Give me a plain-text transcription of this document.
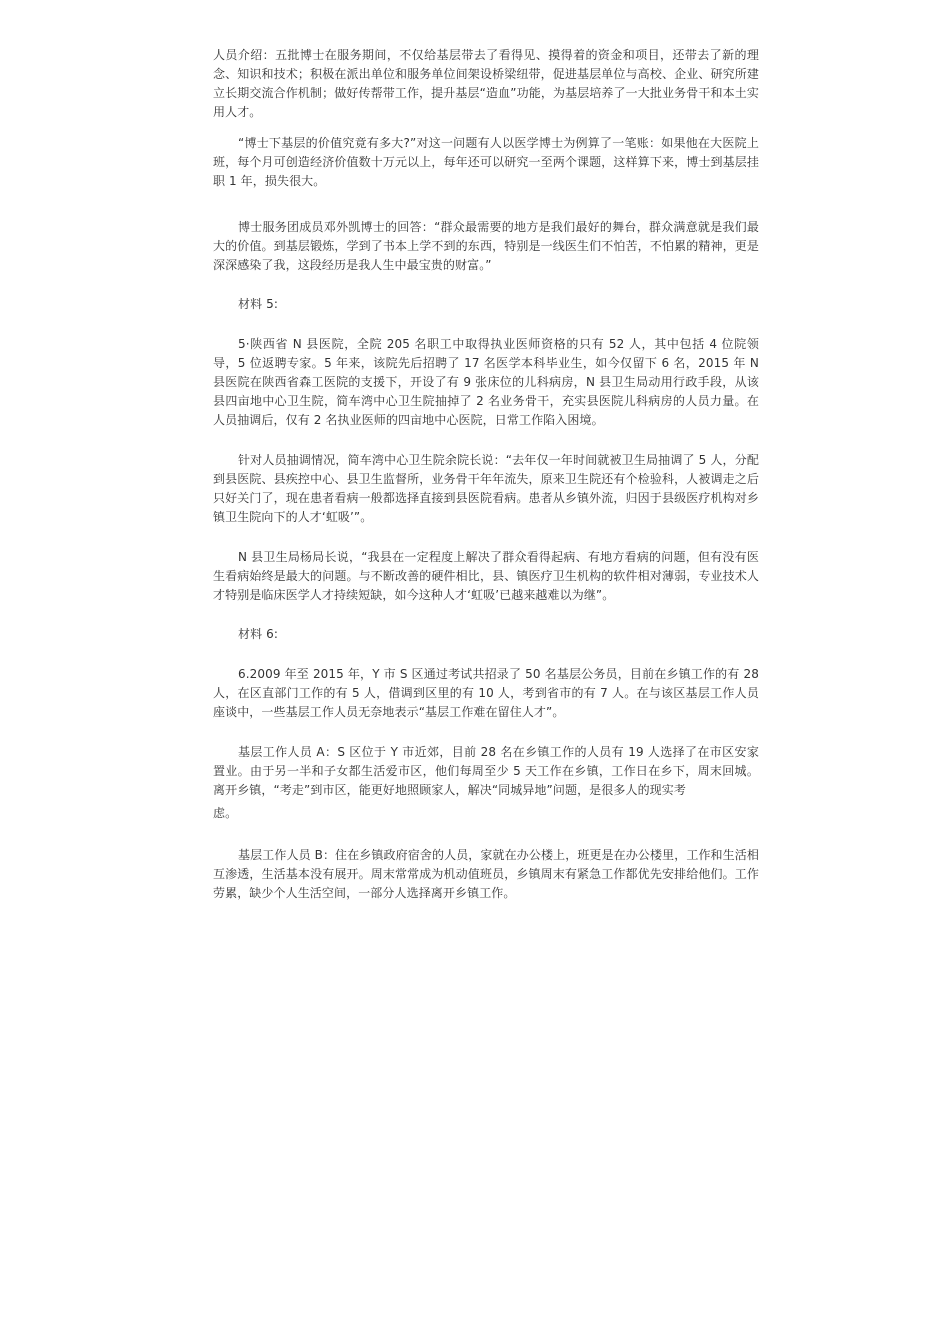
人员介绍：五批博士在服务期间，不仅给基层带去了看得见、摸得着的资金和项目，还带去了新的理念、知识和技术；积极在派出单位和服务单位间架设桥梁纽带，促进基层单位与高校、企业、研究所建立长期交流合作机制；做好传帮带工作，提升基层“造血”功能，为基层培养了一大批业务骨干和本土实用人才。

“博士下基层的价值究竟有多大?”对这一问题有人以医学博士为例算了一笔账：如果他在大医院上班，每个月可创造经济价值数十万元以上，每年还可以研究一至两个课题，这样算下来，博士到基层挂职 1 年，损失很大。

博士服务团成员邓外凯博士的回答：“群众最需要的地方是我们最好的舞台，群众满意就是我们最大的价值。到基层锻炼，学到了书本上学不到的东西，特别是一线医生们不怕苦，不怕累的精神，更是深深感染了我，这段经历是我人生中最宝贵的财富。”

材料 5:

5·陕西省 N 县医院，全院 205 名职工中取得执业医师资格的只有 52 人，其中包括 4 位院领导，5 位返聘专家。5 年来，该院先后招聘了 17 名医学本科毕业生，如今仅留下 6 名，2015 年 N 县医院在陕西省森工医院的支援下，开设了有 9 张床位的儿科病房，N 县卫生局动用行政手段，从该县四亩地中心卫生院，简车湾中心卫生院抽掉了 2 名业务骨干，充实县医院儿科病房的人员力量。在人员抽调后，仅有 2 名执业医师的四亩地中心医院，日常工作陷入困境。

针对人员抽调情况，简车湾中心卫生院余院长说：“去年仅一年时间就被卫生局抽调了 5 人，分配到县医院、县疾控中心、县卫生监督所，业务骨干年年流失，原来卫生院还有个检验科，人被调走之后只好关门了，现在患者看病一般都选择直接到县医院看病。患者从乡镇外流，归因于县级医疗机构对乡镇卫生院向下的人才‘虹吸’”。

N 县卫生局杨局长说，“我县在一定程度上解决了群众看得起病、有地方看病的问题，但有没有医生看病始终是最大的问题。与不断改善的硬件相比，县、镇医疗卫生机构的软件相对薄弱，专业技术人才特别是临床医学人才持续短缺，如今这种人才‘虹吸’已越来越难以为继”。

材料 6:

6.2009 年至 2015 年，Y 市 S 区通过考试共招录了 50 名基层公务员，目前在乡镇工作的有 28 人，在区直部门工作的有 5 人，借调到区里的有 10 人，考到省市的有 7 人。在与该区基层工作人员座谈中，一些基层工作人员无奈地表示“基层工作难在留住人才”。

基层工作人员 A：S 区位于 Y 市近郊，目前 28 名在乡镇工作的人员有 19 人选择了在市区安家置业。由于另一半和子女都生活爱市区，他们每周至少 5 天工作在乡镇，工作日在乡下，周末回城。离开乡镇，“考走”到市区，能更好地照顾家人，解决“同城异地”问题，是很多人的现实考

虑。

基层工作人员 B：住在乡镇政府宿舍的人员，家就在办公楼上，班更是在办公楼里，工作和生活相互渗透，生活基本没有展开。周末常常成为机动值班员，乡镇周末有紧急工作都优先安排给他们。工作劳累，缺少个人生活空间，一部分人选择离开乡镇工作。
